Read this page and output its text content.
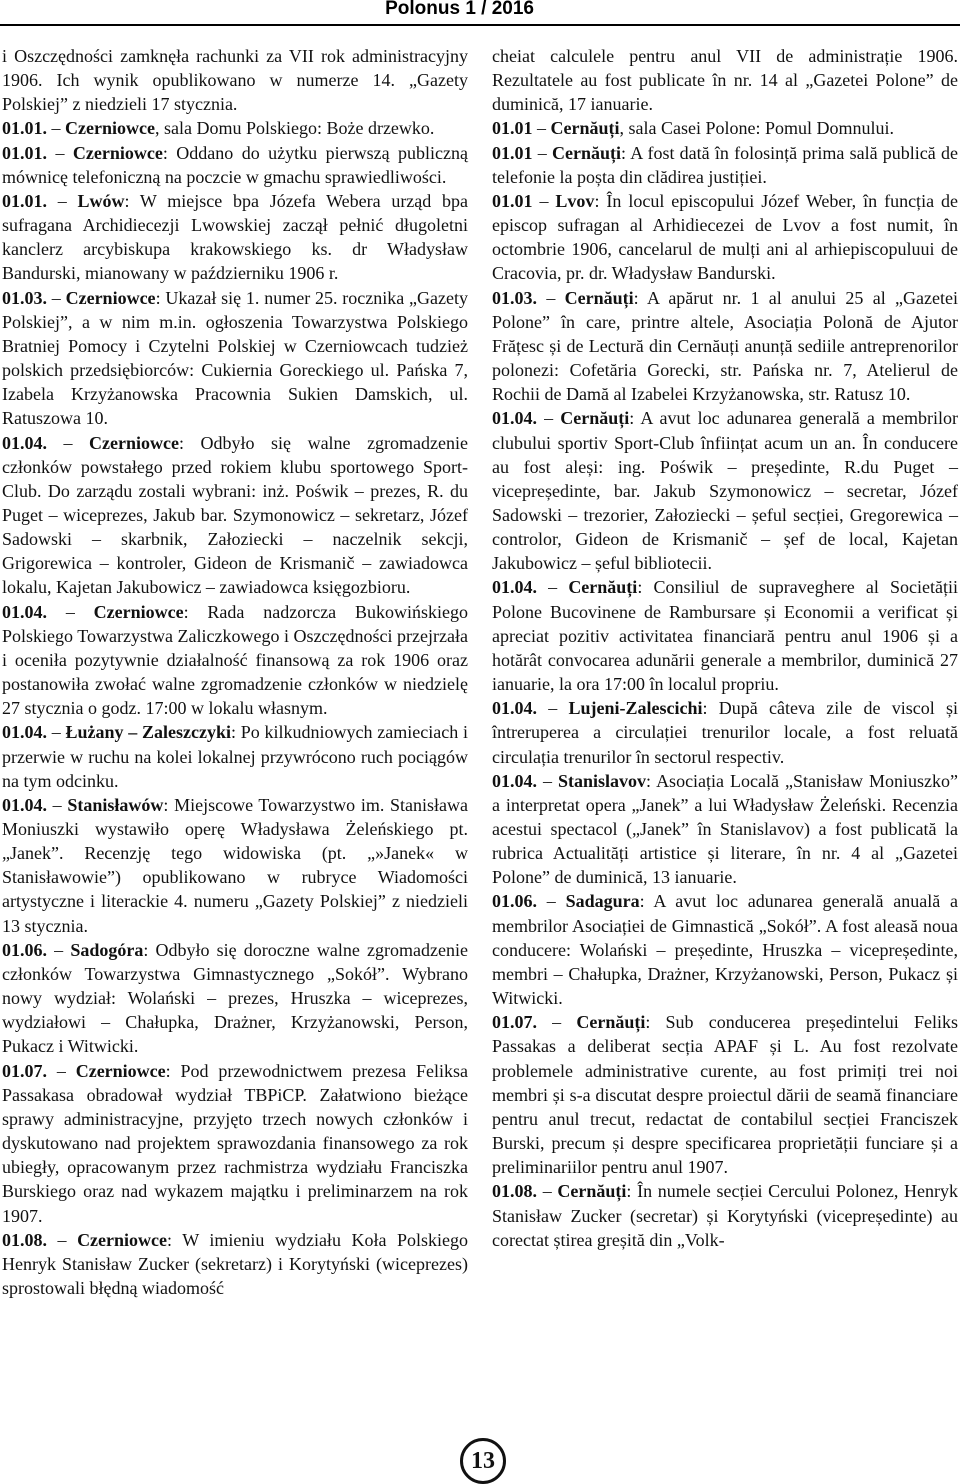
Polonus 1 / 2016

i Oszczędności zamknęła rachunki za VII rok administracyjny 1906. Ich wynik opublikowano w numerze 14. „Gazety Polskiej” z niedzieli 17 stycznia.

01.01. – Czerniowce, sala Domu Polskiego: Boże drzewko.

01.01. – Czerniowce: Oddano do użytku pierwszą publiczną mównicę telefoniczną na poczcie w gmachu sprawiedliwości.

01.01. – Lwów: W miejsce bpa Józefa Webera urząd bpa sufragana Archidiecezji Lwowskiej zaczął pełnić długoletni kanclerz arcybiskupa krakowskiego ks. dr Władysław Bandurski, mianowany w październiku 1906 r.

01.03. – Czerniowce: Ukazał się 1. numer 25. rocznika „Gazety Polskiej”, a w nim m.in. ogłoszenia Towarzystwa Polskiego Bratniej Pomocy i Czytelni Polskiej w Czerniowcach tudzież polskich przedsiębiorców: Cukiernia Goreckiego ul. Pańska 7, Izabela Krzyżanowska Pracownia Sukien Damskich, ul. Ratuszowa 10.

01.04. – Czerniowce: Odbyło się walne zgromadzenie członków powstałego przed rokiem klubu sportowego Sport-Club. Do zarządu zostali wybrani: inż. Poświk – prezes, R. du Puget – wiceprezes, Jakub bar. Szymonowicz – sekretarz, Józef Sadowski – skarbnik, Załoziecki – naczelnik sekcji, Grigorewica – kontroler, Gideon de Krismanič – zawiadowca lokalu, Kajetan Jakubowicz – zawiadowca księgozbioru.

01.04. – Czerniowce: Rada nadzorcza Bukowińskiego Polskiego Towarzystwa Zaliczkowego i Oszczędności przejrzała i oceniła pozytywnie działalność finansową za rok 1906 oraz postanowiła zwołać walne zgromadzenie członków w niedzielę 27 stycznia o godz. 17:00 w lokalu własnym.

01.04. – Łużany – Zaleszczyki: Po kilkudniowych zamieciach i przerwie w ruchu na kolei lokalnej przywrócono ruch pociągów na tym odcinku.

01.04. – Stanisławów: Miejscowe Towarzystwo im. Stanisława Moniuszki wystawiło operę Władysława Żeleńskiego pt. „Janek”. Recenzję tego widowiska (pt. „»Janek« w Stanisławowie”) opublikowano w rubryce Wiadomości artystyczne i literackie 4. numeru „Gazety Polskiej” z niedzieli 13 stycznia.

01.06. – Sadogóra: Odbyło się doroczne walne zgromadzenie członków Towarzystwa Gimnastycznego „Sokół”. Wybrano nowy wydział: Wolański – prezes, Hruszka – wiceprezes, wydziałowi – Chałupka, Drażner, Krzyżanowski, Person, Pukacz i Witwicki.

01.07. – Czerniowce: Pod przewodnictwem prezesa Feliksa Passakasa obradował wydział TBPiCP. Załatwiono bieżące sprawy administracyjne, przyjęto trzech nowych członków i dyskutowano nad projektem sprawozdania finansowego za rok ubiegły, opracowanym przez rachmistrza wydziału Franciszka Burskiego oraz nad wykazem majątku i preliminarzem na rok 1907.

01.08. – Czerniowce: W imieniu wydziału Koła Polskiego Henryk Stanisław Zucker (sekretarz) i Korytyński (wiceprezes) sprostowali błędną wiadomość

cheiat calculele pentru anul VII de administrație 1906. Rezultatele au fost publicate în nr. 14 al „Gazetei Polone” de duminică, 17 ianuarie.

01.01 – Cernăuți, sala Casei Polone: Pomul Domnului.

01.01 – Cernăuți: A fost dată în folosință prima sală publică de telefonie la poșta din clădirea justiției.

01.01 – Lvov: În locul episcopului Józef Weber, în funcția de episcop sufragan al Arhidiecezei de Lvov a fost numit, în octombrie 1906, cancelarul de mulți ani al arhiepiscopuluui de Cracovia, pr. dr. Władysław Bandurski.

01.03. – Cernăuți: A apărut nr. 1 al anului 25 al „Gazetei Polone” în care, printre altele, Asociația Polonă de Ajutor Frățesc și de Lectură din Cernăuți anunță sediile antreprenorilor polonezi: Cofetăria Gorecki, str. Pańska nr. 7, Atelierul de Rochii de Damă al Izabelei Krzyżanowska, str. Ratusz 10.

01.04. – Cernăuți: A avut loc adunarea generală a membrilor clubului sportiv Sport-Club înființat acum un an. În conducere au fost aleși: ing. Poświk – președinte, R.du Puget – vicepreședinte, bar. Jakub Szymonowicz – secretar, Józef Sadowski – trezorier, Załoziecki – șeful secției, Gregorewica – controlor, Gideon de Krismanič – șef de local, Kajetan Jakubowicz – șeful bibliotecii.

01.04. – Cernăuți: Consiliul de supraveghere al Societății Polone Bucovinene de Rambursare și Economii a verificat și apreciat pozitiv activitatea financiară pentru anul 1906 și a hotărât convocarea adunării generale a membrilor, duminică 27 ianuarie, la ora 17:00 în localul propriu.

01.04. – Lujeni-Zalescichi: După câteva zile de viscol și întreruperea a circulației trenurilor locale, a fost reluată circulația trenurilor în sectorul respectiv.

01.04. – Stanislavov: Asociația Locală „Stanisław Moniuszko” a interpretat opera „Janek” a lui Władysław Żeleński. Recenzia acestui spectacol („Janek” în Stanislavov) a fost publicată la rubrica Actualități artistice și literare, în nr. 4 al „Gazetei Polone” de duminică, 13 ianuarie.

01.06. – Sadagura: A avut loc adunarea generală anuală a membrilor Asociației de Gimnastică „Sokół”. A fost aleasă noua conducere: Wolański – președinte, Hruszka – vicepreședinte, membri – Chałupka, Drażner, Krzyżanowski, Person, Pukacz și Witwicki.

01.07. – Cernăuți: Sub conducerea președintelui Feliks Passakas a deliberat secția APAF și L. Au fost rezolvate problemele administrative curente, au fost primiți trei noi membri și s-a discutat despre proiectul dării de seamă financiare pentru anul trecut, redactat de contabilul secției Franciszek Burski, precum și despre specificarea proprietății funciare și a preliminariilor pentru anul 1907.

01.08. – Cernăuți: În numele secției Cercului Polonez, Henryk Stanisław Zucker (secretar) și Korytyński (vicepreședinte) au corectat știrea greșită din „Volk-

13
